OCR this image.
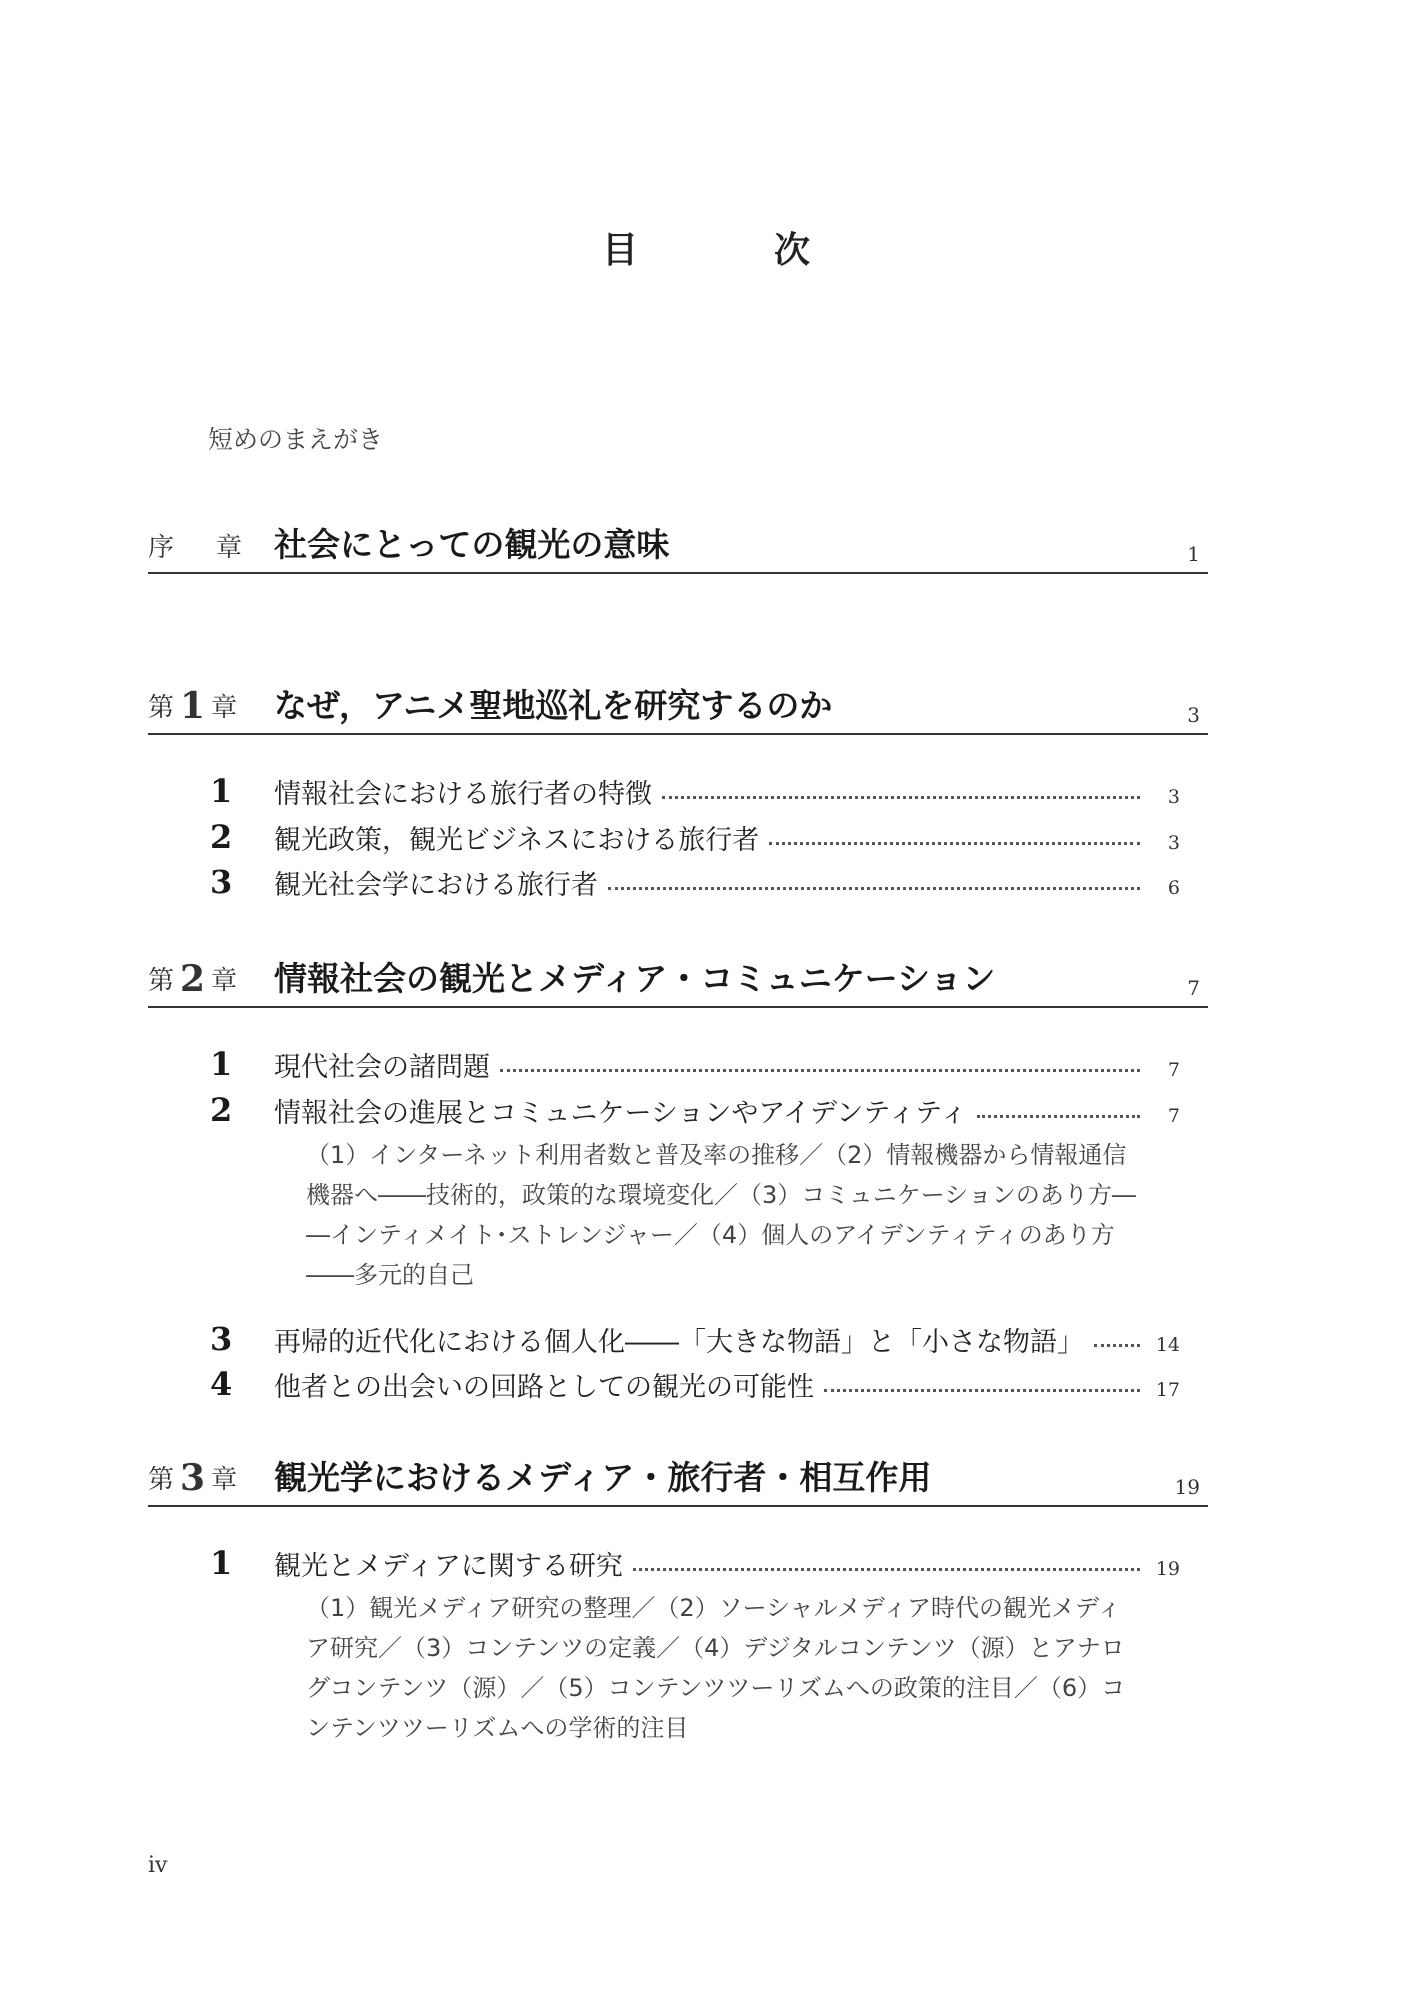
目　次
短めのまえがき
序 章 社会にとっての観光の意味	1
第 1 章 なぜ，アニメ聖地巡礼を研究するのか	3
1	情報社会における旅行者の特徴	3
2	観光政策，観光ビジネスにおける旅行者	3
3	観光社会学における旅行者	6
第 2 章 情報社会の観光とメディア・コミュニケーション	7
1	現代社会の諸問題	7
2	情報社会の進展とコミュニケーションやアイデンティティ	7
（1）インターネット利用者数と普及率の推移／（2）情報機器から情報通信機器へ――技術的，政策的な環境変化／（3）コミュニケーションのあり方――インティメイト･ストレンジャー／（4）個人のアイデンティティのあり方――多元的自己
3	再帰的近代化における個人化――「大きな物語」と「小さな物語」	14
4	他者との出会いの回路としての観光の可能性	17
第 3 章 観光学におけるメディア・旅行者・相互作用	19
1	観光とメディアに関する研究	19
（1）観光メディア研究の整理／（2）ソーシャルメディア時代の観光メディア研究／（3）コンテンツの定義／（4）デジタルコンテンツ（源）とアナログコンテンツ（源）／（5）コンテンツツーリズムへの政策的注目／（6）コンテンツツーリズムへの学術的注目
iv
